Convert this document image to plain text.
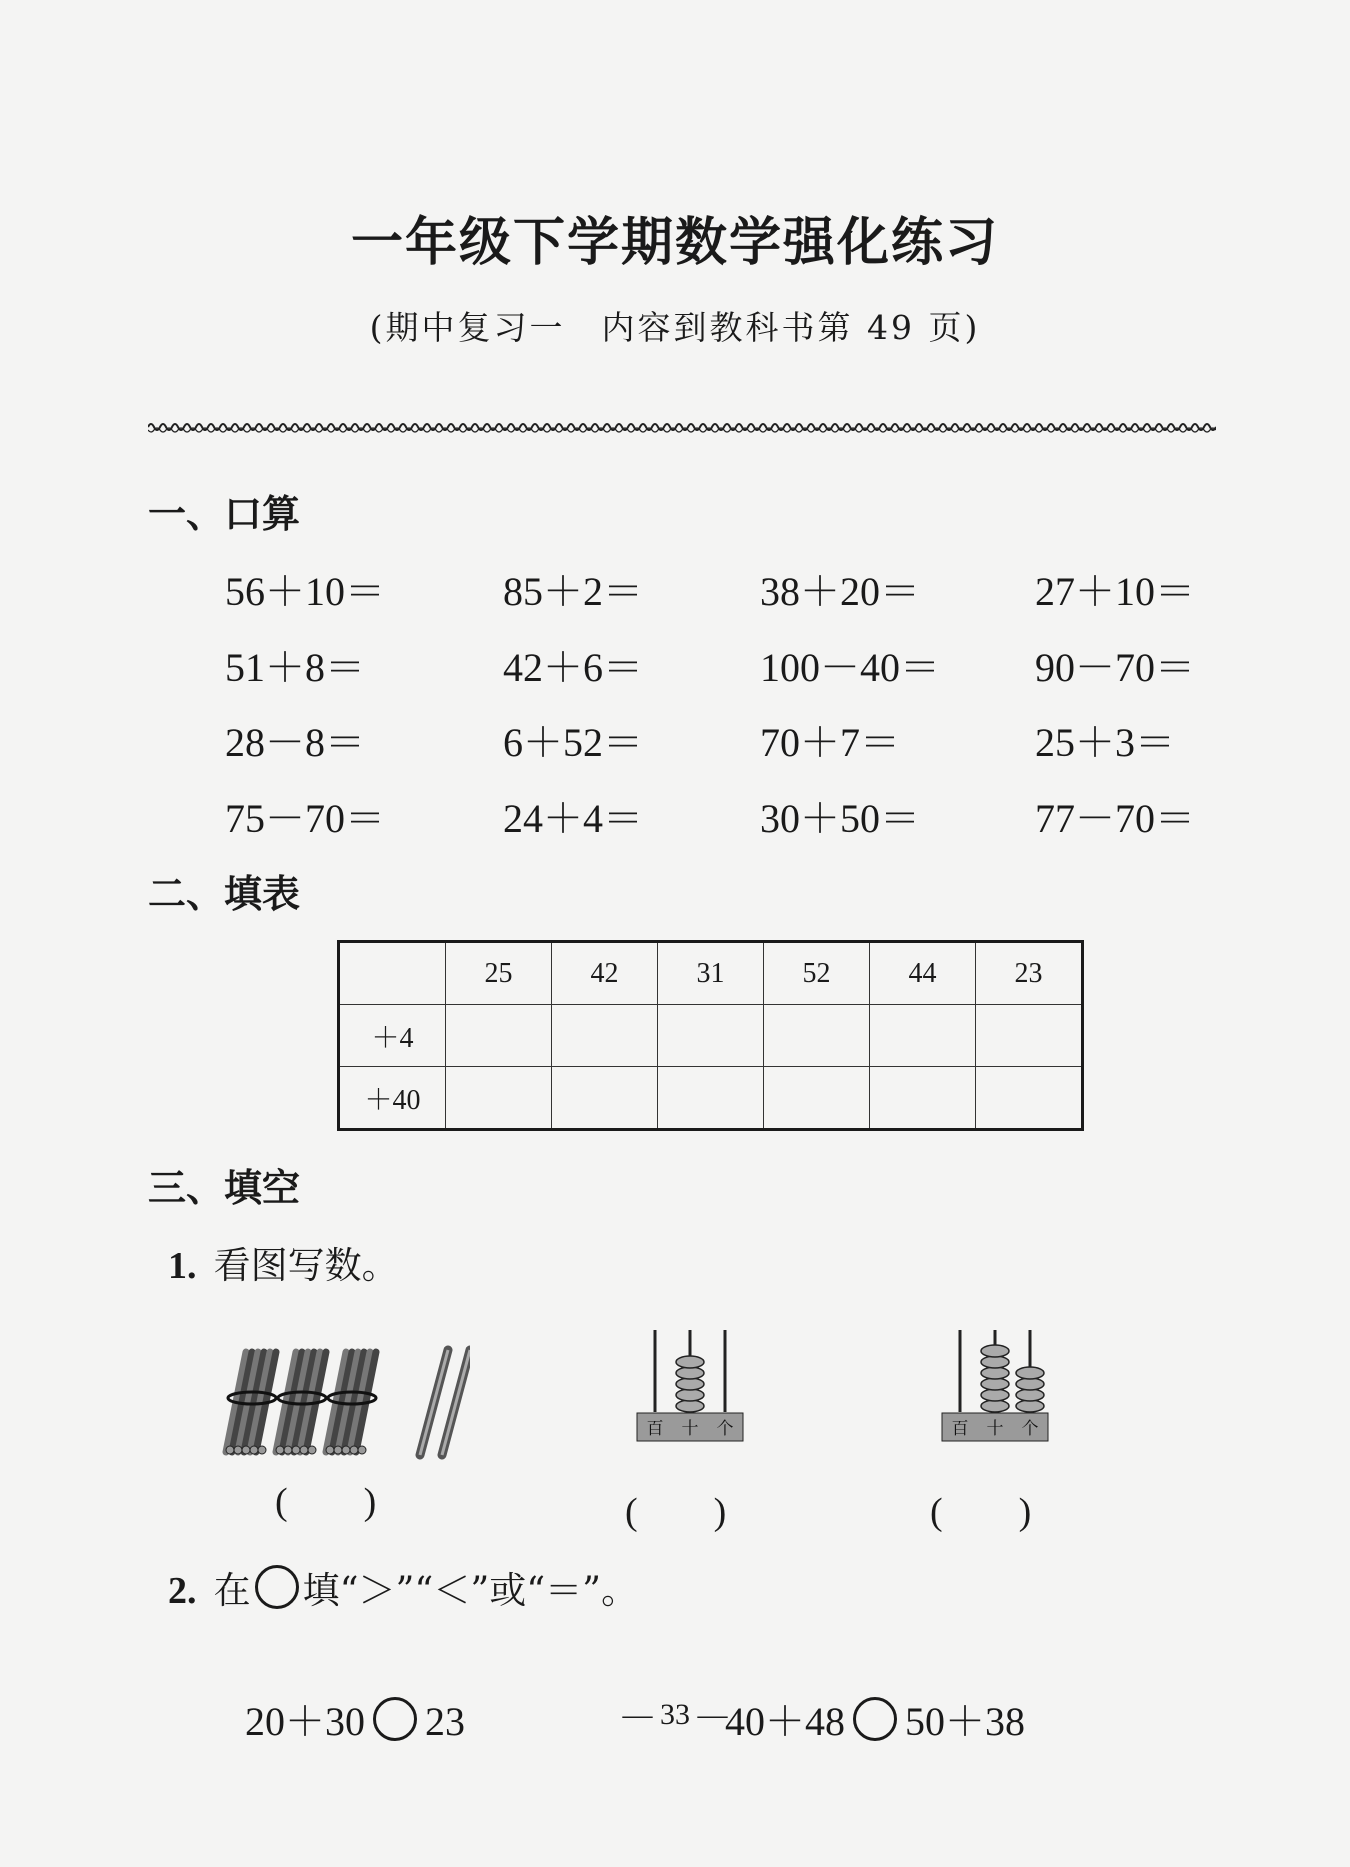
一年级下学期数学强化练习
(期中复习一　内容到教科书第 49 页)
一、口算
56＋10＝	85＋2＝	38＋20＝	27＋10＝
51＋8＝	42＋6＝	100－40＝ 90－70＝
28－8＝	6＋52＝	70＋7＝	25＋3＝
75－70＝	24＋4＝	30＋50＝	77－70＝
二、填表
	25	42	31	52	44	23
＋4						
＋40						
三、填空
1. 看图写数。
百 十 个	百 十 个
(　　)	(　　)	(　　)
2. 在 填“＞”“＜”或“＝”。

20＋30 23	40＋48 50＋38

— 33 —
